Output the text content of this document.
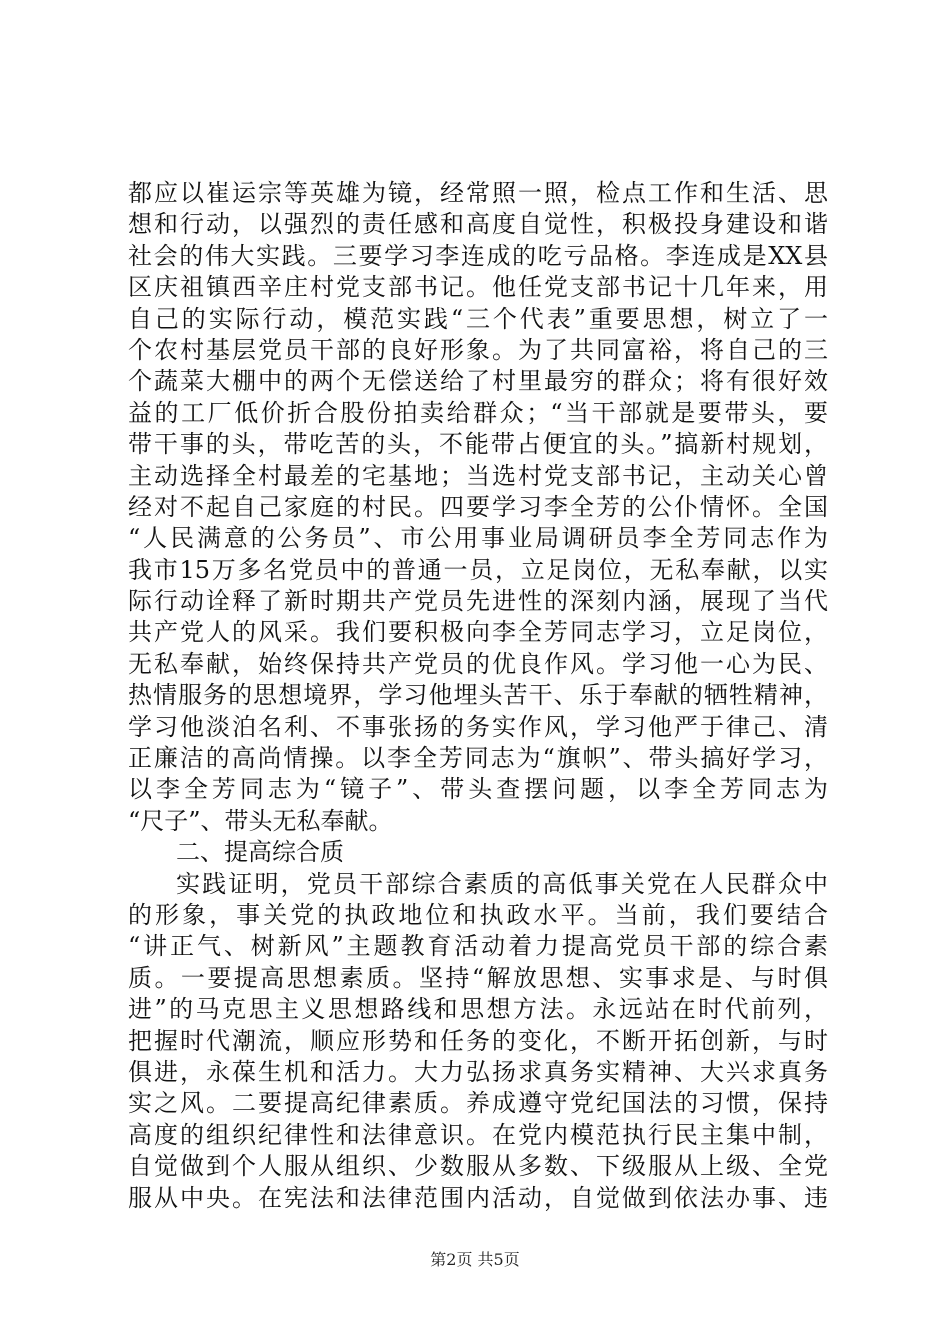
都应以崔运宗等英雄为镜，经常照一照，检点工作和生活、思
想和行动，以强烈的责任感和高度自觉性，积极投身建设和谐
社会的伟大实践。三要学习李连成的吃亏品格。李连成是XX县
区庆祖镇西辛庄村党支部书记。他任党支部书记十几年来，用
自己的实际行动，模范实践“三个代表”重要思想，树立了一
个农村基层党员干部的良好形象。为了共同富裕，将自己的三
个蔬菜大棚中的两个无偿送给了村里最穷的群众；将有很好效
益的工厂低价折合股份拍卖给群众；“当干部就是要带头，要
带干事的头，带吃苦的头，不能带占便宜的头。”搞新村规划，
主动选择全村最差的宅基地；当选村党支部书记，主动关心曾
经对不起自己家庭的村民。四要学习李全芳的公仆情怀。全国
“人民满意的公务员”、市公用事业局调研员李全芳同志作为
我市15万多名党员中的普通一员，立足岗位，无私奉献，以实
际行动诠释了新时期共产党员先进性的深刻内涵，展现了当代
共产党人的风采。我们要积极向李全芳同志学习，立足岗位，
无私奉献，始终保持共产党员的优良作风。学习他一心为民、
热情服务的思想境界，学习他埋头苦干、乐于奉献的牺牲精神，
学习他淡泊名利、不事张扬的务实作风，学习他严于律己、清
正廉洁的高尚情操。以李全芳同志为“旗帜”、带头搞好学习，
以李全芳同志为“镜子”、带头查摆问题，以李全芳同志为
“尺子”、带头无私奉献。
二、提高综合质
实践证明，党员干部综合素质的高低事关党在人民群众中
的形象，事关党的执政地位和执政水平。当前，我们要结合
“讲正气、树新风”主题教育活动着力提高党员干部的综合素
质。一要提高思想素质。坚持“解放思想、实事求是、与时俱
进”的马克思主义思想路线和思想方法。永远站在时代前列，
把握时代潮流，顺应形势和任务的变化，不断开拓创新，与时
俱进，永葆生机和活力。大力弘扬求真务实精神、大兴求真务
实之风。二要提高纪律素质。养成遵守党纪国法的习惯，保持
高度的组织纪律性和法律意识。在党内模范执行民主集中制，
自觉做到个人服从组织、少数服从多数、下级服从上级、全党
服从中央。在宪法和法律范围内活动，自觉做到依法办事、违
第2页 共5页
